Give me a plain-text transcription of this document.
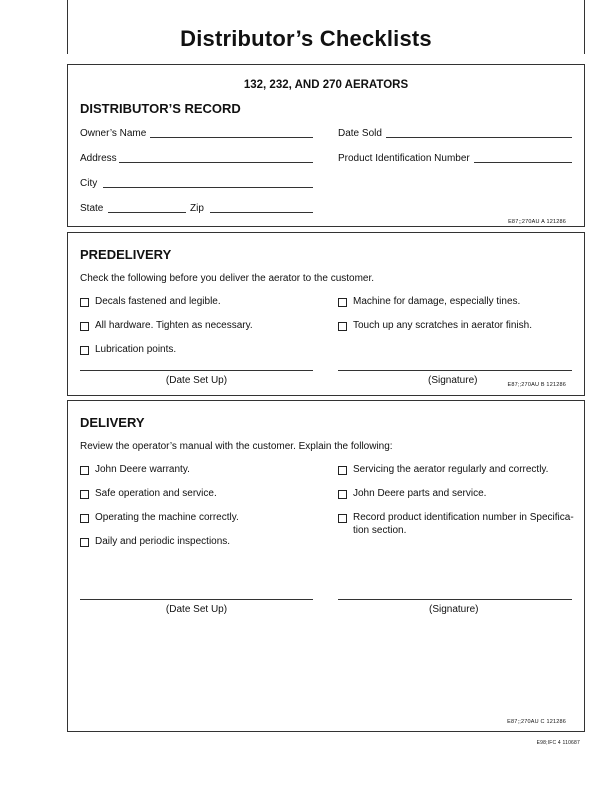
Distributor’s Checklists
132, 232, AND 270 AERATORS
DISTRIBUTOR’S RECORD
Owner’s Name	Date Sold
Address	Product Identification Number
City
State	Zip
E87;;270AU A 121286
PREDELIVERY
Check the following before you deliver the aerator to the customer.
Decals fastened and legible.
All hardware. Tighten as necessary.
Lubrication points.
Machine for damage, especially tines.
Touch up any scratches in aerator finish.
(Date Set Up)	(Signature)	E87;;270AU B 121286
DELIVERY
Review the operator’s manual with the customer. Explain the following:
John Deere warranty.
Safe operation and service.
Operating the machine correctly.
Daily and periodic inspections.
Servicing the aerator regularly and correctly.
John Deere parts and service.
Record product identification number in Specifica-
tion section.
(Date Set Up)	(Signature)
E87;;270AU C 121286
E98;IFC 4 110687
